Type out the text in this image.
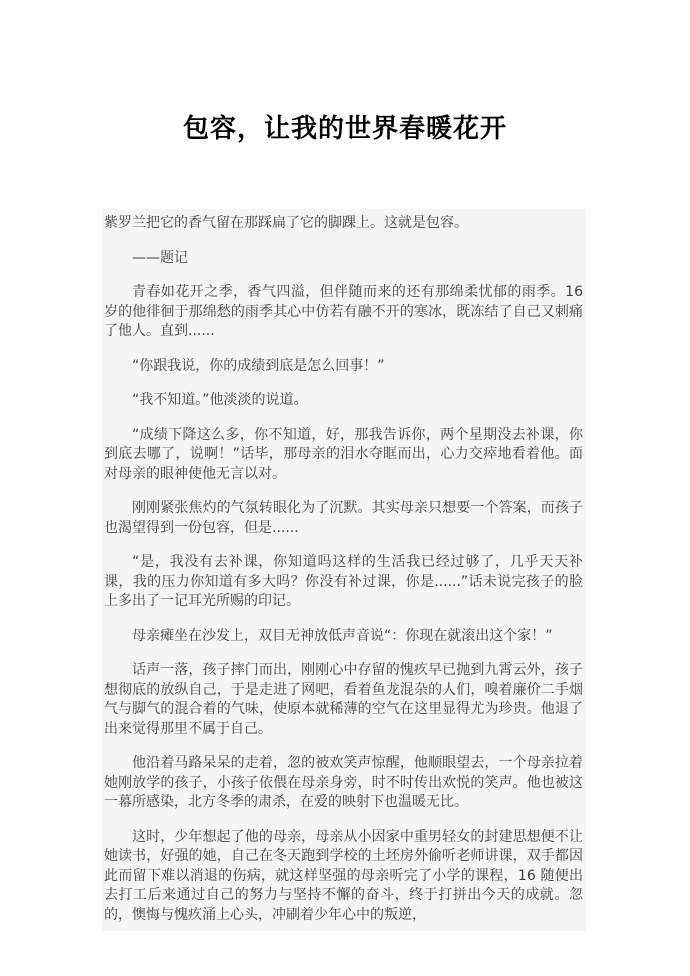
包容，让我的世界春暖花开

紫罗兰把它的香气留在那踩扁了它的脚踝上。这就是包容。

——题记

青春如花开之季，香气四溢，但伴随而来的还有那绵柔忧郁的雨季。16 岁的他徘徊于那绵愁的雨季其心中仿若有融不开的寒冰，既冻结了自己又刺痛了他人。直到......

“你跟我说，你的成绩到底是怎么回事！”

“我不知道。”他淡淡的说道。

“成绩下降这么多，你不知道，好，那我告诉你，两个星期没去补课，你到底去哪了，说啊！”话毕，那母亲的泪水夺眶而出，心力交瘁地看着他。面对母亲的眼神使他无言以对。

刚刚紧张焦灼的气氛转眼化为了沉默。其实母亲只想要一个答案，而孩子也渴望得到一份包容，但是......

“是，我没有去补课，你知道吗这样的生活我已经过够了，几乎天天补课，我的压力你知道有多大吗？你没有补过课，你是......”话未说完孩子的脸上多出了一记耳光所赐的印记。

母亲瘫坐在沙发上，双目无神放低声音说“：你现在就滚出这个家！”

话声一落，孩子摔门而出，刚刚心中存留的愧疚早已抛到九霄云外，孩子想彻底的放纵自己，于是走进了网吧，看着鱼龙混杂的人们，嗅着廉价二手烟气与脚气的混合着的气味，使原本就稀薄的空气在这里显得尤为珍贵。他退了出来觉得那里不属于自己。

他沿着马路呆呆的走着，忽的被欢笑声惊醒，他顺眼望去，一个母亲拉着她刚放学的孩子，小孩子依偎在母亲身旁，时不时传出欢悦的笑声。他也被这一幕所感染，北方冬季的肃杀，在爱的映射下也温暖无比。

这时，少年想起了他的母亲，母亲从小因家中重男轻女的封建思想便不让她读书，好强的她，自己在冬天跑到学校的土坯房外偷听老师讲课，双手都因此而留下难以消退的伤病，就这样坚强的母亲听完了小学的课程，16 随便出去打工后来通过自己的努力与坚持不懈的奋斗，终于打拼出今天的成就。忽的，懊悔与愧疚涌上心头，冲刷着少年心中的叛逆，
